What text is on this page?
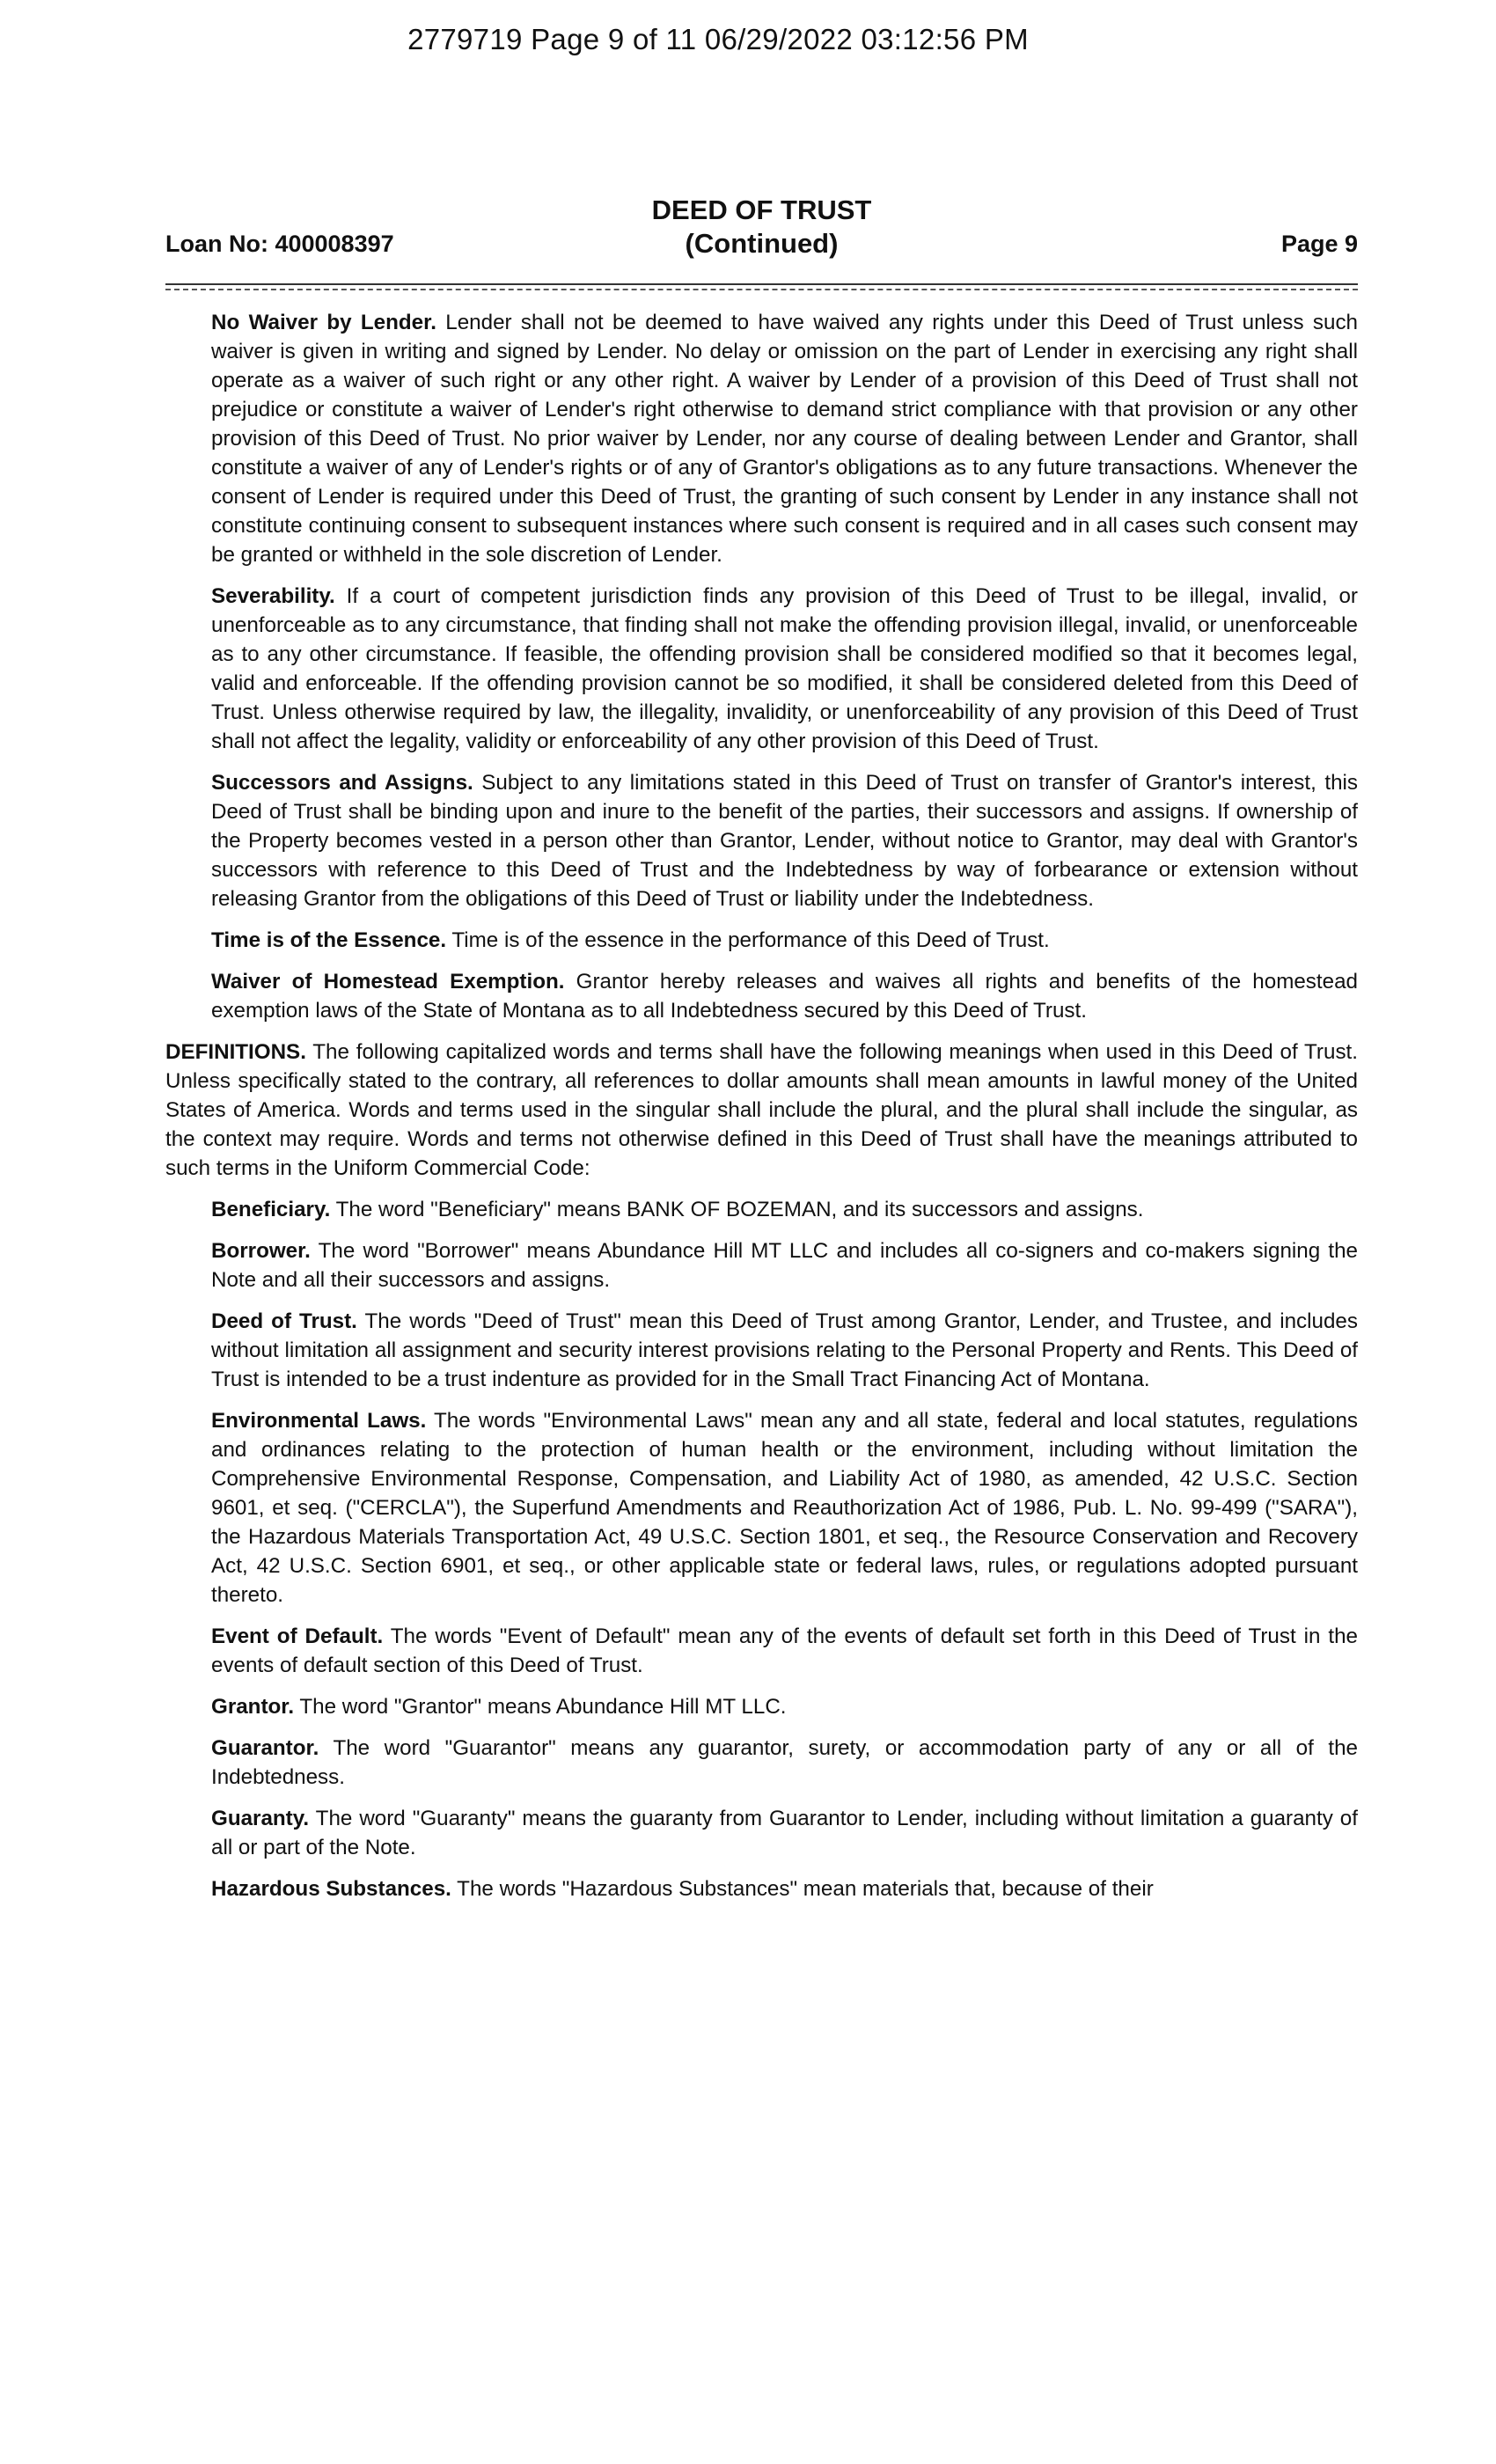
2779719 Page 9 of 11 06/29/2022 03:12:56 PM
Loan No: 400008397
DEED OF TRUST
(Continued)	Page 9

No Waiver by Lender. Lender shall not be deemed to have waived any rights under this Deed of Trust unless such waiver is given in writing and signed by Lender. No delay or omission on the part of Lender in exercising any right shall operate as a waiver of such right or any other right. A waiver by Lender of a provision of this Deed of Trust shall not prejudice or constitute a waiver of Lender's right otherwise to demand strict compliance with that provision or any other provision of this Deed of Trust. No prior waiver by Lender, nor any course of dealing between Lender and Grantor, shall constitute a waiver of any of Lender's rights or of any of Grantor's obligations as to any future transactions. Whenever the consent of Lender is required under this Deed of Trust, the granting of such consent by Lender in any instance shall not constitute continuing consent to subsequent instances where such consent is required and in all cases such consent may be granted or withheld in the sole discretion of Lender.

Severability. If a court of competent jurisdiction finds any provision of this Deed of Trust to be illegal, invalid, or unenforceable as to any circumstance, that finding shall not make the offending provision illegal, invalid, or unenforceable as to any other circumstance. If feasible, the offending provision shall be considered modified so that it becomes legal, valid and enforceable. If the offending provision cannot be so modified, it shall be considered deleted from this Deed of Trust. Unless otherwise required by law, the illegality, invalidity, or unenforceability of any provision of this Deed of Trust shall not affect the legality, validity or enforceability of any other provision of this Deed of Trust.

Successors and Assigns. Subject to any limitations stated in this Deed of Trust on transfer of Grantor's interest, this Deed of Trust shall be binding upon and inure to the benefit of the parties, their successors and assigns. If ownership of the Property becomes vested in a person other than Grantor, Lender, without notice to Grantor, may deal with Grantor's successors with reference to this Deed of Trust and the Indebtedness by way of forbearance or extension without releasing Grantor from the obligations of this Deed of Trust or liability under the Indebtedness.

Time is of the Essence. Time is of the essence in the performance of this Deed of Trust.

Waiver of Homestead Exemption. Grantor hereby releases and waives all rights and benefits of the homestead exemption laws of the State of Montana as to all Indebtedness secured by this Deed of Trust.

DEFINITIONS. The following capitalized words and terms shall have the following meanings when used in this Deed of Trust. Unless specifically stated to the contrary, all references to dollar amounts shall mean amounts in lawful money of the United States of America. Words and terms used in the singular shall include the plural, and the plural shall include the singular, as the context may require. Words and terms not otherwise defined in this Deed of Trust shall have the meanings attributed to such terms in the Uniform Commercial Code:

Beneficiary. The word "Beneficiary" means BANK OF BOZEMAN, and its successors and assigns.

Borrower. The word "Borrower" means Abundance Hill MT LLC and includes all co-signers and co-makers signing the Note and all their successors and assigns.

Deed of Trust. The words "Deed of Trust" mean this Deed of Trust among Grantor, Lender, and Trustee, and includes without limitation all assignment and security interest provisions relating to the Personal Property and Rents. This Deed of Trust is intended to be a trust indenture as provided for in the Small Tract Financing Act of Montana.

Environmental Laws. The words "Environmental Laws" mean any and all state, federal and local statutes, regulations and ordinances relating to the protection of human health or the environment, including without limitation the Comprehensive Environmental Response, Compensation, and Liability Act of 1980, as amended, 42 U.S.C. Section 9601, et seq. ("CERCLA"), the Superfund Amendments and Reauthorization Act of 1986, Pub. L. No. 99-499 ("SARA"), the Hazardous Materials Transportation Act, 49 U.S.C. Section 1801, et seq., the Resource Conservation and Recovery Act, 42 U.S.C. Section 6901, et seq., or other applicable state or federal laws, rules, or regulations adopted pursuant thereto.

Event of Default. The words "Event of Default" mean any of the events of default set forth in this Deed of Trust in the events of default section of this Deed of Trust.

Grantor. The word "Grantor" means Abundance Hill MT LLC.

Guarantor. The word "Guarantor" means any guarantor, surety, or accommodation party of any or all of the Indebtedness.

Guaranty. The word "Guaranty" means the guaranty from Guarantor to Lender, including without limitation a guaranty of all or part of the Note.

Hazardous Substances. The words "Hazardous Substances" mean materials that, because of their
